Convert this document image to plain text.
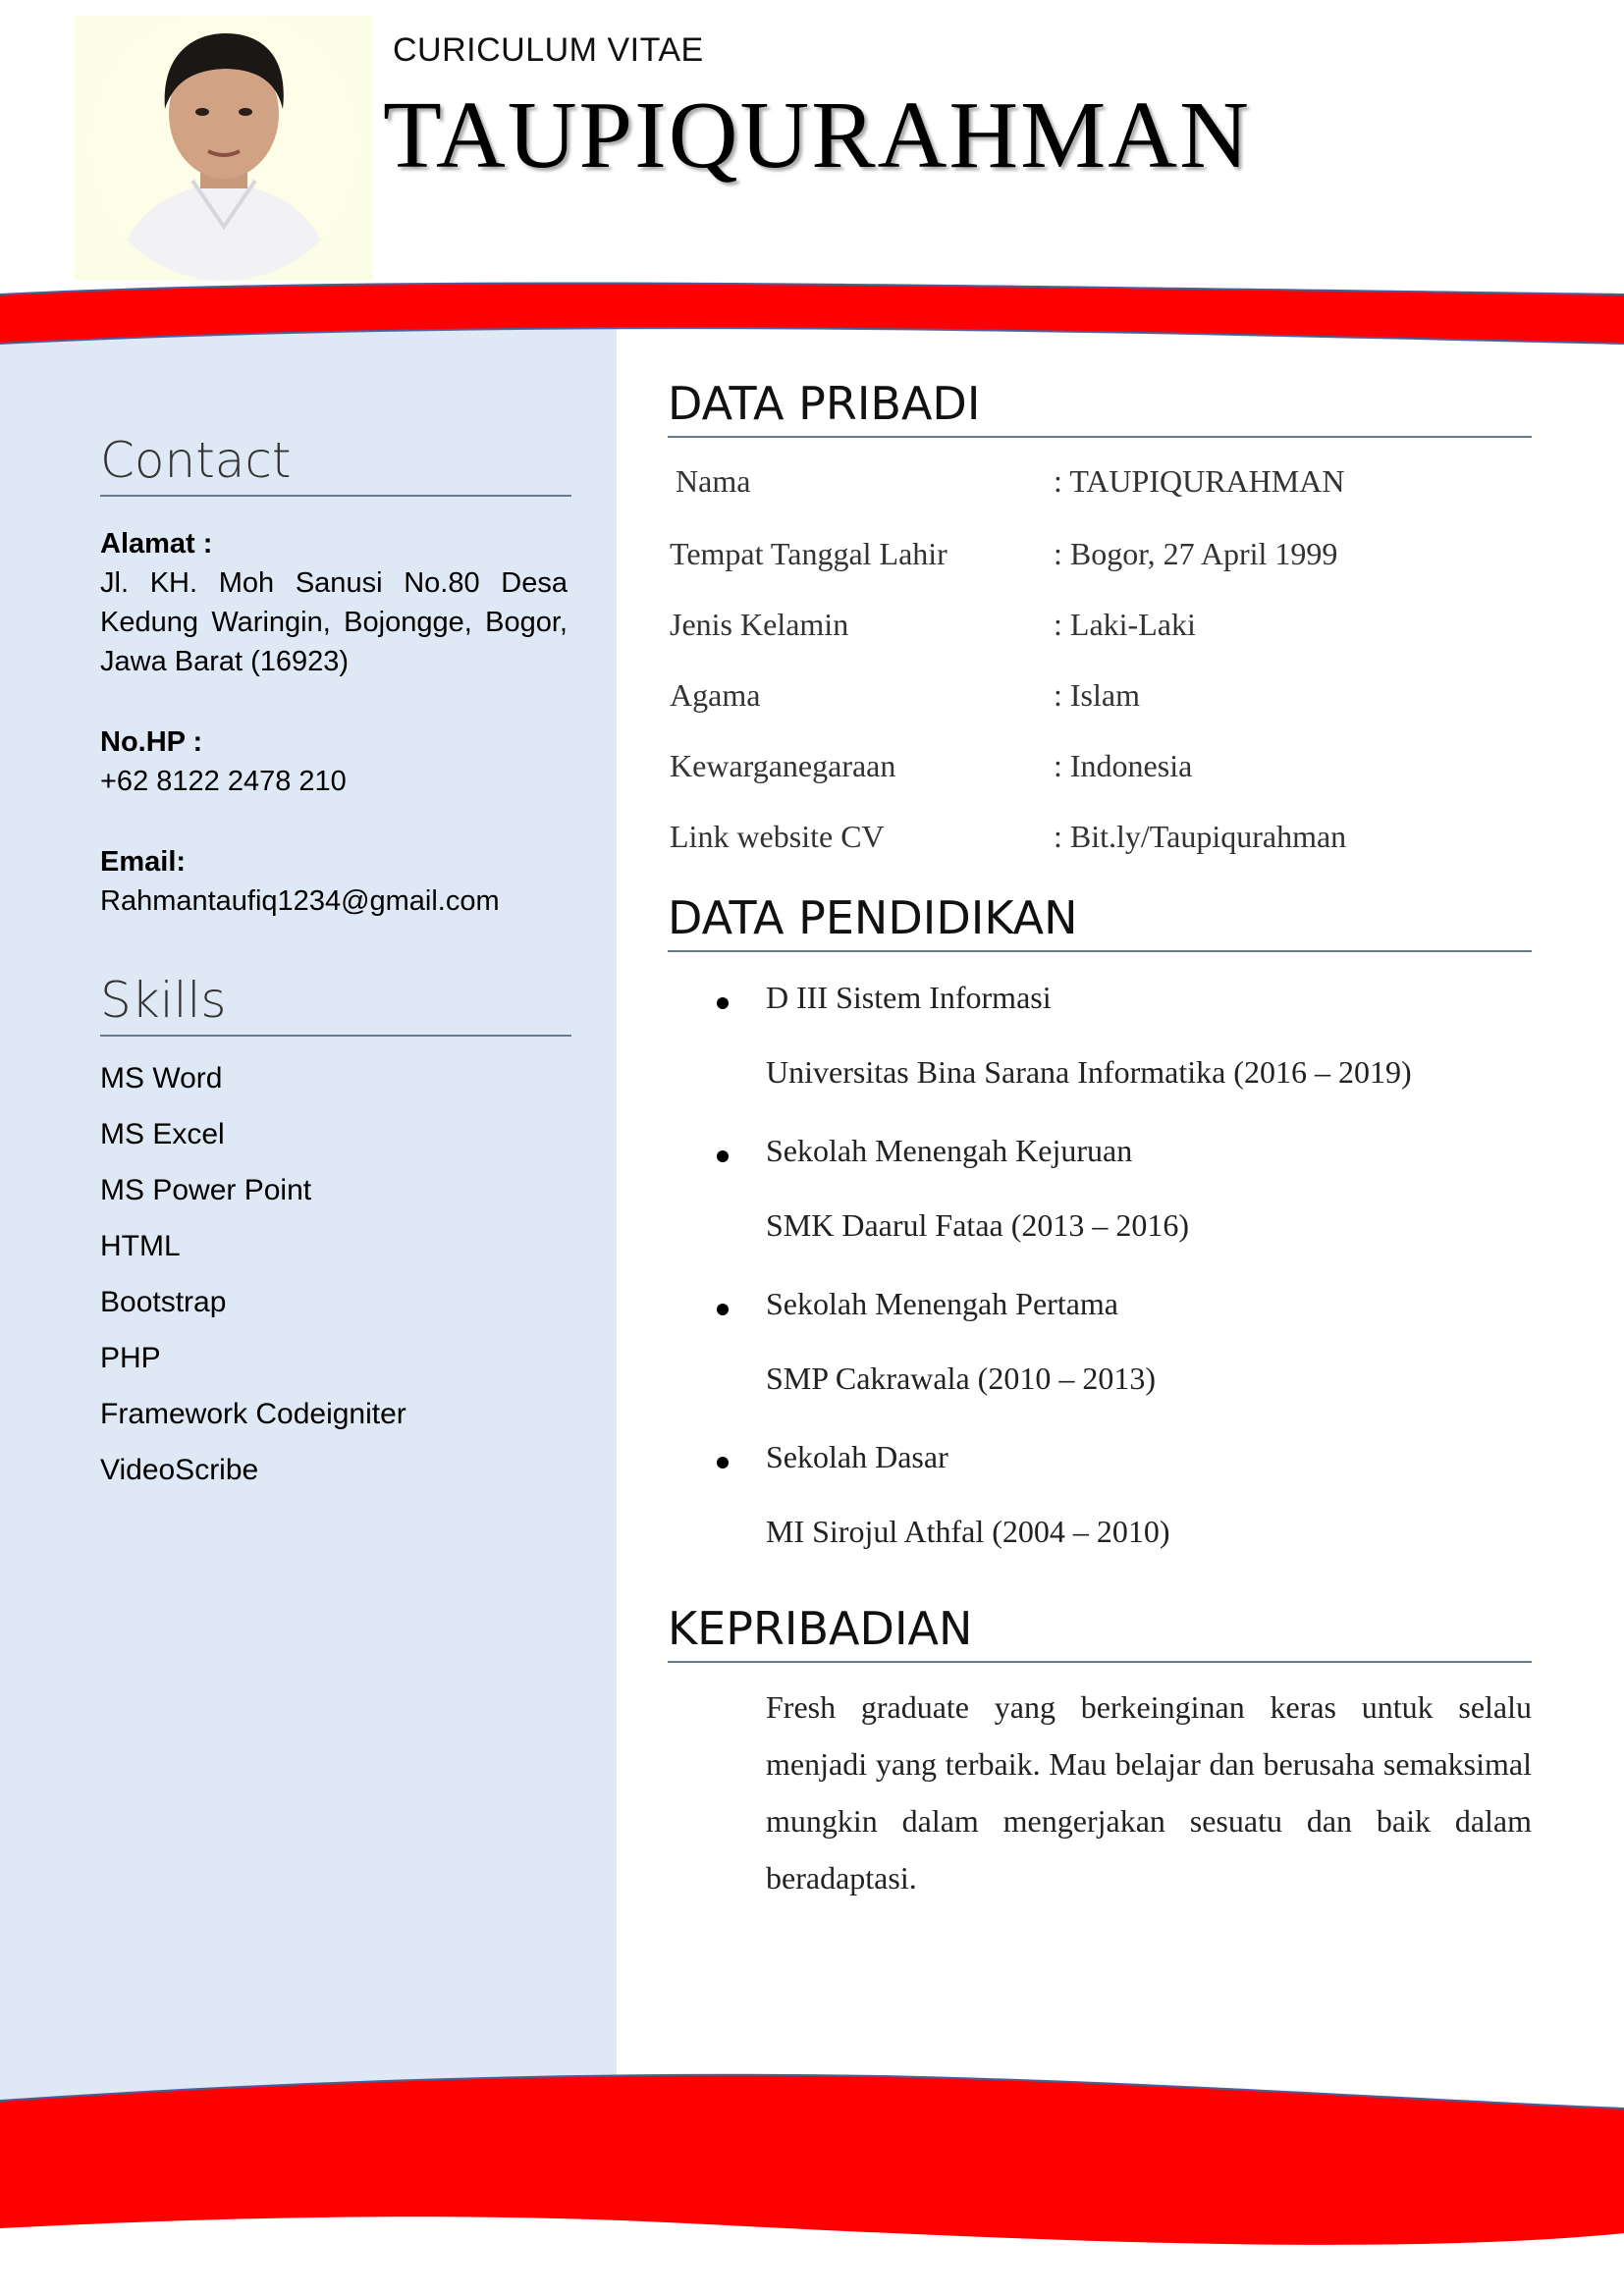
CURICULUM VITAE
TAUPIQURAHMAN
Contact
Alamat :
Jl. KH. Moh Sanusi No.80 Desa Kedung Waringin, Bojongge, Bogor, Jawa Barat (16923)
No.HP :
+62 8122 2478 210
Email:
Rahmantaufiq1234@gmail.com
Skills
MS Word
MS Excel
MS Power Point
HTML
Bootstrap
PHP
Framework Codeigniter
VideoScribe
DATA PRIBADI
Nama	: TAUPIQURAHMAN
Tempat Tanggal Lahir	: Bogor, 27 April 1999
Jenis Kelamin	: Laki-Laki
Agama	: Islam
Kewarganegaraan	: Indonesia
Link website CV	: Bit.ly/Taupiqurahman
DATA PENDIDIKAN
D III Sistem Informasi
Universitas Bina Sarana Informatika (2016 – 2019)
Sekolah Menengah Kejuruan
SMK Daarul Fataa (2013 – 2016)
Sekolah Menengah Pertama
SMP Cakrawala (2010 – 2013)
Sekolah Dasar
MI Sirojul Athfal (2004 – 2010)
KEPRIBADIAN
Fresh graduate yang berkeinginan keras untuk selalu menjadi yang terbaik. Mau belajar dan berusaha semaksimal mungkin dalam mengerjakan sesuatu dan baik dalam beradaptasi.
